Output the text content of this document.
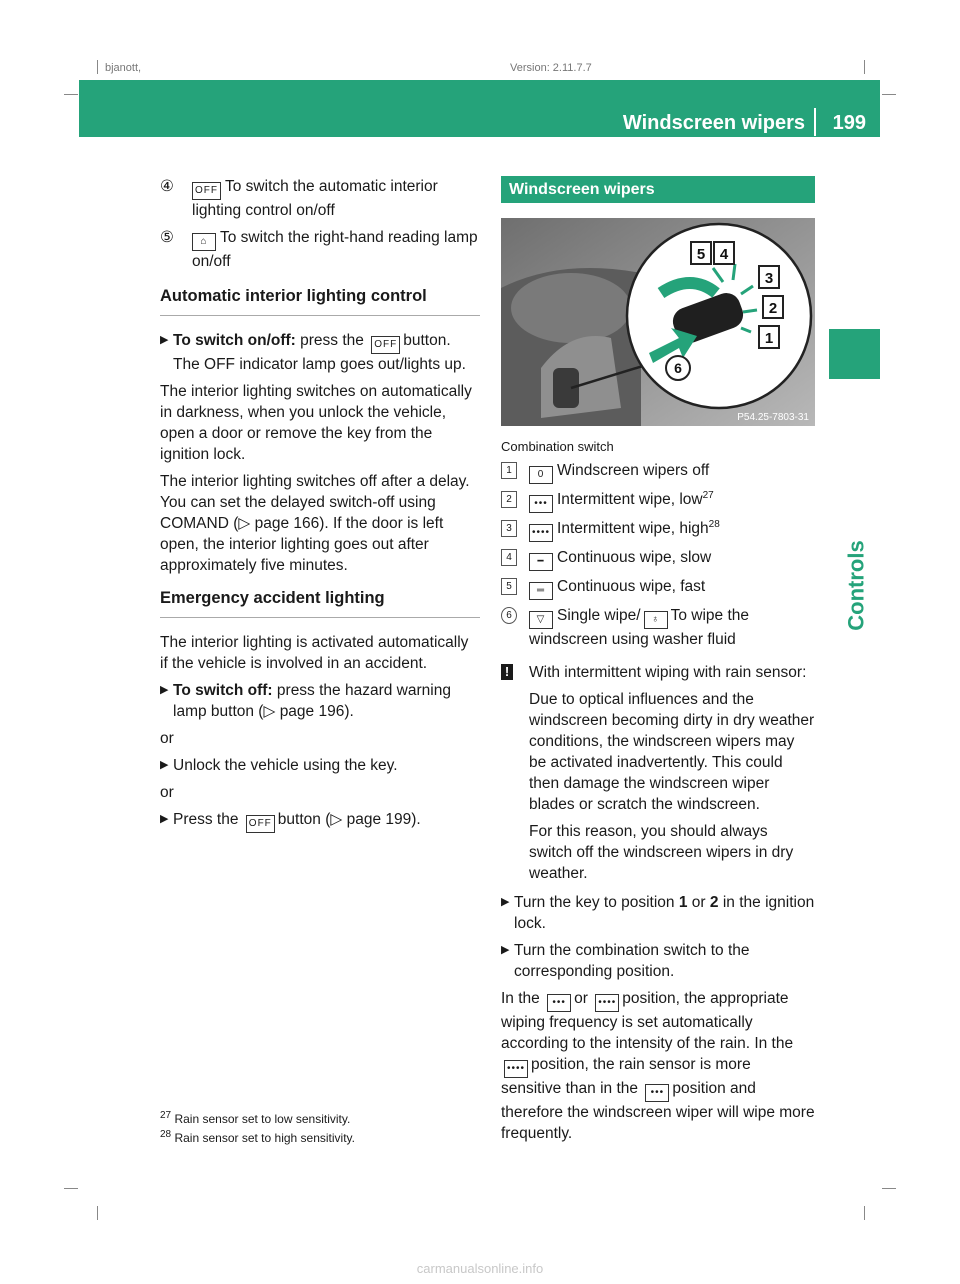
bjanott,	Version: 2.11.7.7
Windscreen wipers 199
Controls
④ OFF To switch the automatic interior lighting control on/off
⑤	⌂ To switch the right-hand reading lamp on/off
Automatic interior lighting control
▶ To switch on/off: press the OFF button.
The OFF indicator lamp goes out/lights up.

The interior lighting switches on automatically in darkness, when you unlock the vehicle, open a door or remove the key from the ignition lock.

The interior lighting switches off after a delay. You can set the delayed switch-off using COMAND (▷ page 166). If the door is left open, the interior lighting goes out after approximately five minutes.

Emergency accident lighting

The interior lighting is activated automatically if the vehicle is involved in an accident.

▶ To switch off: press the hazard warning lamp button (▷ page 196).

or

▶ Unlock the vehicle using the key.

or

▶ Press the OFF button (▷ page 199).
Windscreen wipers
5 4
3
2
1
6
P54.25-7803-31
Combination switch
1	0 Windscreen wipers off
2	••• Intermittent wipe, low$^{27}$
3	•••• Intermittent wipe, high$^{28}$
4	━ Continuous wipe, slow
5	═ Continuous wipe, fast
6	▽ Single wipe/ ♁ To wipe the windscreen using washer fluid
! With intermittent wiping with rain sensor:

Due to optical influences and the windscreen becoming dirty in dry weather conditions, the windscreen wipers may be activated inadvertently. This could then damage the windscreen wiper blades or scratch the windscreen.

For this reason, you should always switch off the windscreen wipers in dry weather.

▶ Turn the key to position 1 or 2 in the ignition lock.
▶ Turn the combination switch to the corresponding position.

In the ••• or •••• position, the appropriate wiping frequency is set automatically according to the intensity of the rain. In the •••• position, the rain sensor is more sensitive than in the ••• position and therefore the windscreen wiper will wipe more frequently.

$^{27}$ Rain sensor set to low sensitivity.
$^{28}$ Rain sensor set to high sensitivity.
carmanualsonline.info
